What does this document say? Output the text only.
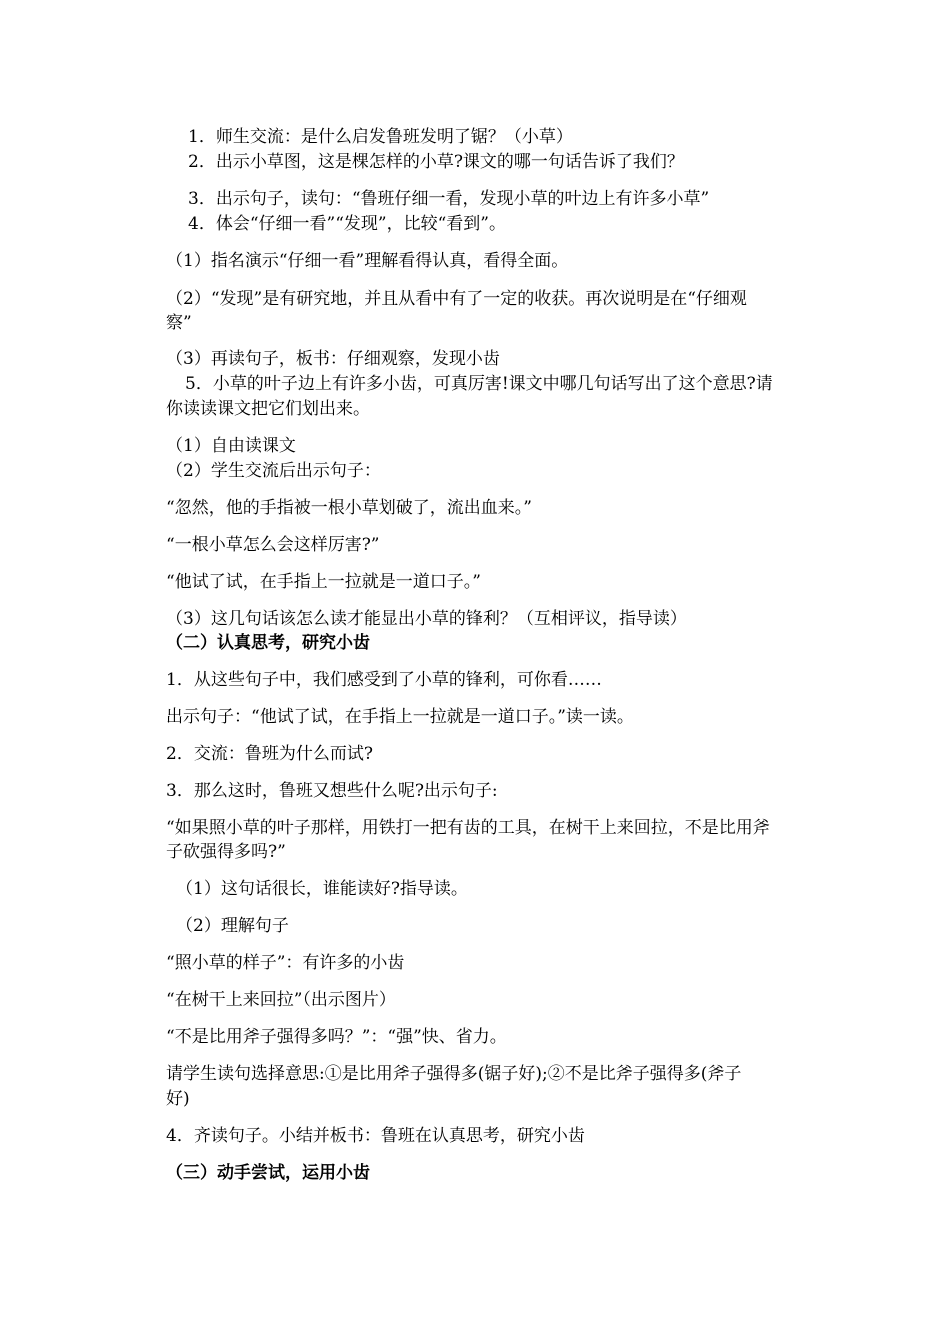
1．师生交流：是什么启发鲁班发明了锯？（小草）
2．出示小草图，这是棵怎样的小草?课文的哪一句话告诉了我们？
3．出示句子，读句：“鲁班仔细一看，发现小草的叶边上有许多小草”
4．体会“仔细一看”“发现”，比较“看到”。
（1）指名演示“仔细一看”理解看得认真，看得全面。
（2）“发现”是有研究地，并且从看中有了一定的收获。再次说明是在“仔细观
察”
（3）再读句子，板书：仔细观察，发现小齿
5．小草的叶子边上有许多小齿，可真厉害!课文中哪几句话写出了这个意思?请
你读读课文把它们划出来。
（1）自由读课文
（2）学生交流后出示句子：
“忽然，他的手指被一根小草划破了，流出血来。”
“一根小草怎么会这样厉害?”
“他试了试，在手指上一拉就是一道口子。”
（3）这几句话该怎么读才能显出小草的锋利？（互相评议，指导读）
（二）认真思考，研究小齿
1．从这些句子中，我们感受到了小草的锋利，可你看……
出示句子：“他试了试，在手指上一拉就是一道口子。”读一读。
2．交流：鲁班为什么而试?
3．那么这时，鲁班又想些什么呢?出示句子:
“如果照小草的叶子那样，用铁打一把有齿的工具，在树干上来回拉，不是比用斧
子砍强得多吗?”
（1）这句话很长，谁能读好?指导读。
（2）理解句子
“照小草的样子”：有许多的小齿
“在树干上来回拉”（出示图片）
“不是比用斧子强得多吗？”：“强”快、省力。
请学生读句选择意思:①是比用斧子强得多(锯子好);②不是比斧子强得多(斧子
好)
4．齐读句子。小结并板书：鲁班在认真思考，研究小齿
（三）动手尝试，运用小齿
